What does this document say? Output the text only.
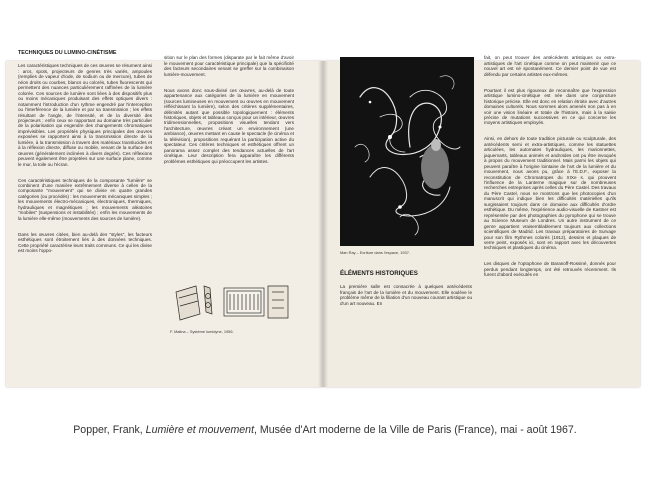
TECHNIQUES DU LUMINO-CINÉTISME

Les caractéristiques techniques de ces œuvres se résument ainsi : arcs, spots, projecteurs de genres très variés, ampoules (remplies de vapeur d'iode, de sodium ou de mercure), tubes de néon droits ou courbes, blancs ou colorés, tubes fluorescents qui permettent des nuances particulièrement raffinées de la lumière colorée. Ces sources de lumière sont liées à des dispositifs plus ou moins mécaniques produisant des effets optiques divers : notamment l'introduction d'un rythme engendré par l'interception ou l'interférence de la lumière et par sa transmission ; les effets résultant de l'angle, de l'intensité, et de la diversité des projecteurs ; enfin ceux se rapportant au domaine très particulier de la polarisation qui engendre des changements chromatiques imprévisibles. Les propriétés physiques principales des œuvres exposées se rapportent ainsi à la transmission directe de la lumière, à la transmission à travers des matériaux translucides et à la réflexion directe, diffuse ou mobile, venant de la surface des œuvres (généralement inclinées à divers degrés). Ces réflexions peuvent également être projetées sur une surface plane, comme le mur, la toile ou l'écran.

Ces caractéristiques techniques de la composante "lumière" se combinent d'une manière extrêmement diverse à celles de la composante "mouvement" qui se divise en quatre grandes catégories (ou procédés) : les mouvements mécaniques simples ; les mouvements électro-mécaniques, électroniques, thermiques, hydrauliques et magnétiques ; les mouvements aléatoires "mobiles" (suspensions et instabilités) ; enfin les mouvements de la lumière elle-même (mouvements des sources de lumière).

Dans les œuvres citées, bien au-delà des "styles", les facteurs esthétiques sont étroitement liés à des données techniques. Cette propriété caractérise leurs traits communs. Ce qui les divise est moins l'oppo-

sition sur le plan des formes (disparate par le fait même d'avoir le mouvement pour caractéristique principale) que la spécificité des facteurs secondaires venant se greffer sur la combinaison lumière-mouvement.

Nous avons donc sous-divisé ces œuvres, au-delà de toute appartenance aux catégories de la lumière en mouvement (sources lumineuses en mouvement ou œuvres en mouvement réfléchissant la lumière), selon des critères supplémentaires, délimités autant que possible topologiquement : éléments historiques, objets et tableaux conçus pour un intérieur, œuvres tridimensionnelles, propositions visuelles tendant vers l'architecture, œuvres créant un environnement (une ambiance), œuvres mettant en cause le spectacle (le cinéma et la télévision), propositions requérant la participation active du spectateur. Ces critères techniques et esthétiques offrent un panorama assez complet des tendances actuelles de l'art cinétique. Leur description fera apparaître les différents problèmes esthétiques qui préoccupent les artistes.

F. Malina – Système lumidyne, 1956.
Man Ray – Ecriture dans l'espace, 1937.
ÉLÉMENTS HISTORIQUES

La première salle est consacrée à quelques antécédents français de l'art de la lumière et du mouvement. Elle soulève le problème même de la filiation d'un nouveau courant artistique ou d'un art nouveau. En

fait, on peut trouver des antécédents artistiques ou extra-artistiques de l'art cinétique comme on peut maintenir que ce nouvel art est né spontanément. Ce dernier point de vue est défendu par certains artistes eux-mêmes.

Pourtant il est plus rigoureux de reconnaître que l'expression artistique lumino-cinétique est née dans une conjoncture historique précise. Elle est donc en relation étroite avec d'autres domaines culturels. Nous sommes alors amenés non pas à en voir une vision linéaire et totale de l'histoire, mais à la saisie précise de mutations successives en ce qui concerne les moyens artistiques employés.

Ainsi, en dehors de toute tradition picturale ou sculpturale, des antécédents semi et extra-artistiques, comme les statuettes articulées, les automates hydrauliques, les marionnettes, jaquemarts, tableaux animés et androïdes ont pu être invoqués à propos du mouvement traditionnel. Mais parmi les objets qui peuvent paraître à l'origine lointaine de l'art de la lumière et du mouvement, nous avons pu, grâce à l'E.D.F., exposer la reconstitution de Chromatropes du XIXe s. qui prouvent l'influence de la Lanterne magique sur de nombreuses recherches entreprises après celles du Père Castel. Des travaux du Père Castel, nous ne montrons que les photocopies d'un manuscrit qui indique bien les difficultés matérielles qu'ils surgissaient toujours dans ce domaine aux difficultés d'ordre esthétique. Du même, l'expérience audio-visuelle de Kastner est représentée par des photographies du pyrophone qui se trouve au Science Museum de Londres. Un autre instrument de ce genre appartient vraisemblablement toujours aux collections scientifiques de Madrid. Les travaux préparatoires de Survage pour son film Rythmes colorés (1912), dessins et plaques de verre peint, exposés ici, sont en rapport avec les découvertes techniques et plastiques du cinéma.

Les disques de l'optophone de Baranoff-Rossiné, donnés pour perdus pendant longtemps, ont été retrouvés récemment. Ils furent d'abord exécutés en

Popper, Frank, Lumière et mouvement, Musée d'Art moderne de la Ville de Paris (France), mai - août 1967.
